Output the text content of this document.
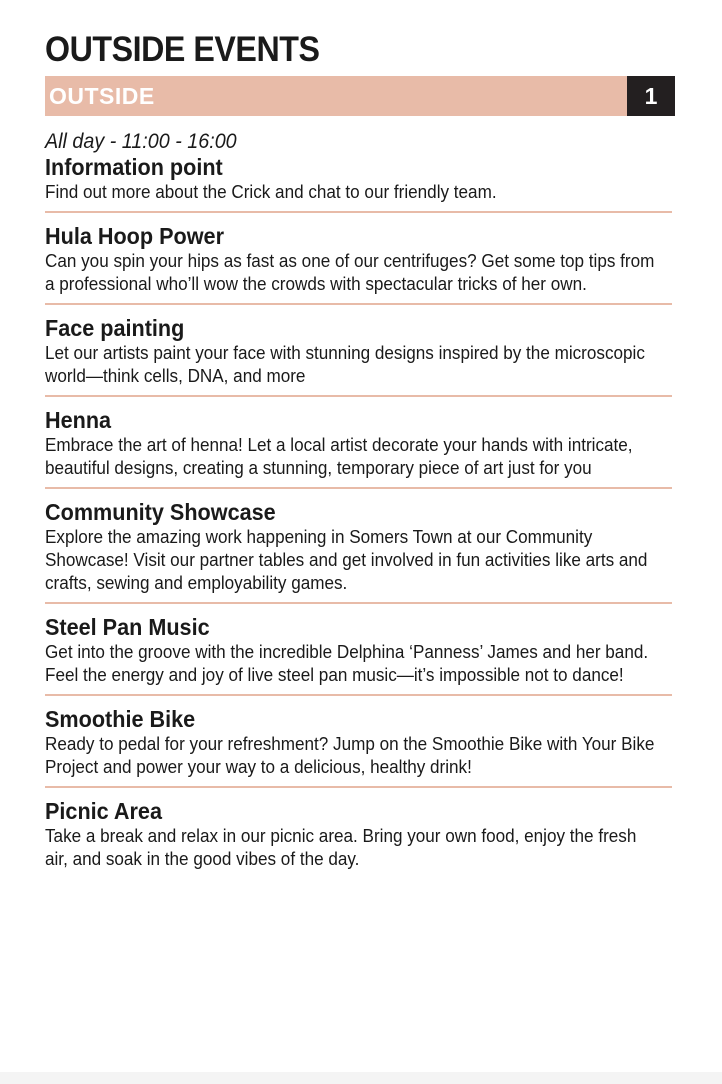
OUTSIDE EVENTS
OUTSIDE	1
All day - 11:00 - 16:00

Information point

Find out more about the Crick and chat to our friendly team.

Hula Hoop Power

Can you spin your hips as fast as one of our centrifuges? Get some top tips from a professional who’ll wow the crowds with spectacular tricks of her own.

Face painting

Let our artists paint your face with stunning designs inspired by the microscopic world—think cells, DNA, and more

Henna

Embrace the art of henna! Let a local artist decorate your hands with intricate, beautiful designs, creating a stunning, temporary piece of art just for you

Community Showcase

Explore the amazing work happening in Somers Town at our Community Showcase! Visit our partner tables and get involved in fun activities like arts and crafts, sewing and employability games.

Steel Pan Music

Get into the groove with the incredible Delphina ‘Panness’ James and her band. Feel the energy and joy of live steel pan music—it’s impossible not to dance!

Smoothie Bike

Ready to pedal for your refreshment? Jump on the Smoothie Bike with Your Bike Project and power your way to a delicious, healthy drink!

Picnic Area

Take a break and relax in our picnic area. Bring your own food, enjoy the fresh air, and soak in the good vibes of the day.
